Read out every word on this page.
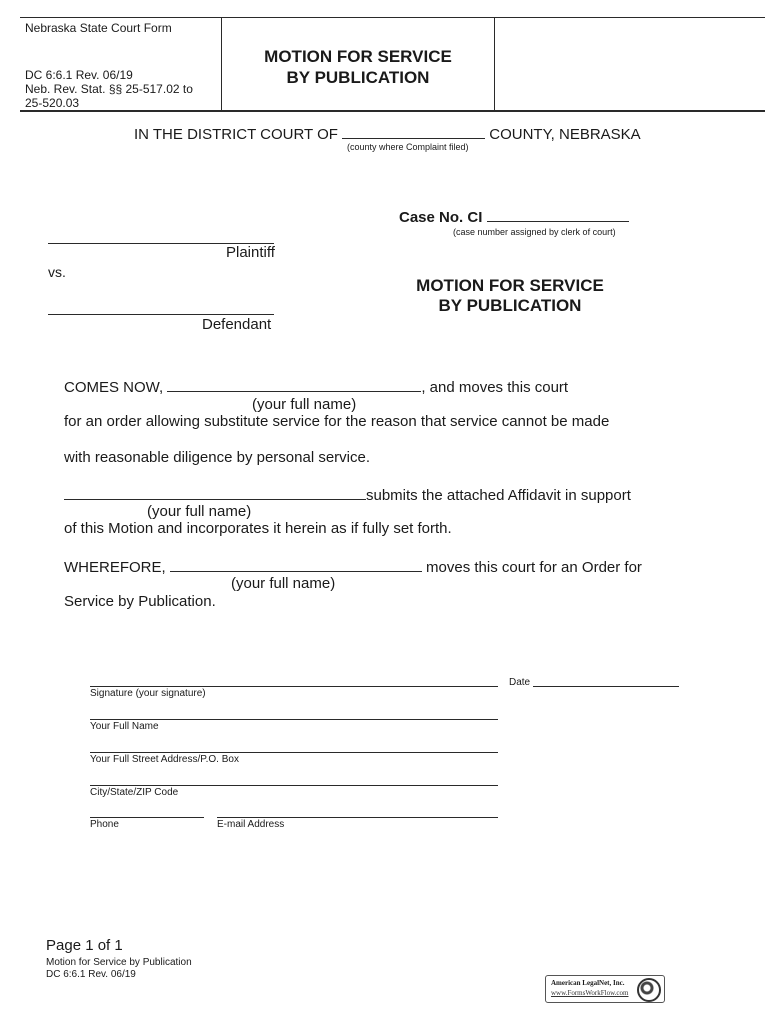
Nebraska State Court Form
DC 6:6.1 Rev. 06/19
Neb. Rev. Stat. §§ 25-517.02 to
25-520.03
MOTION FOR SERVICE
BY PUBLICATION
IN THE DISTRICT COURT OF	COUNTY, NEBRASKA
(county where Complaint filed)
Case No. CI
(case number assigned by clerk of court)
Plaintiff
vs.
Defendant
MOTION FOR SERVICE
BY PUBLICATION
COMES NOW,	, and moves this court
(your full name)
for an order allowing substitute service for the reason that service cannot be made
with reasonable diligence by personal service.
submits the attached Affidavit in support
(your full name)
of this Motion and incorporates it herein as if fully set forth.
WHEREFORE,	moves this court for an Order for
(your full name)
Service by Publication.
Date
Signature (your signature)
Your Full Name
Your Full Street Address/P.O. Box
City/State/ZIP Code
Phone	E-mail Address
Page 1 of 1
Motion for Service by Publication
DC 6:6.1 Rev. 06/19
American LegalNet, Inc.
www.FormsWorkFlow.com
